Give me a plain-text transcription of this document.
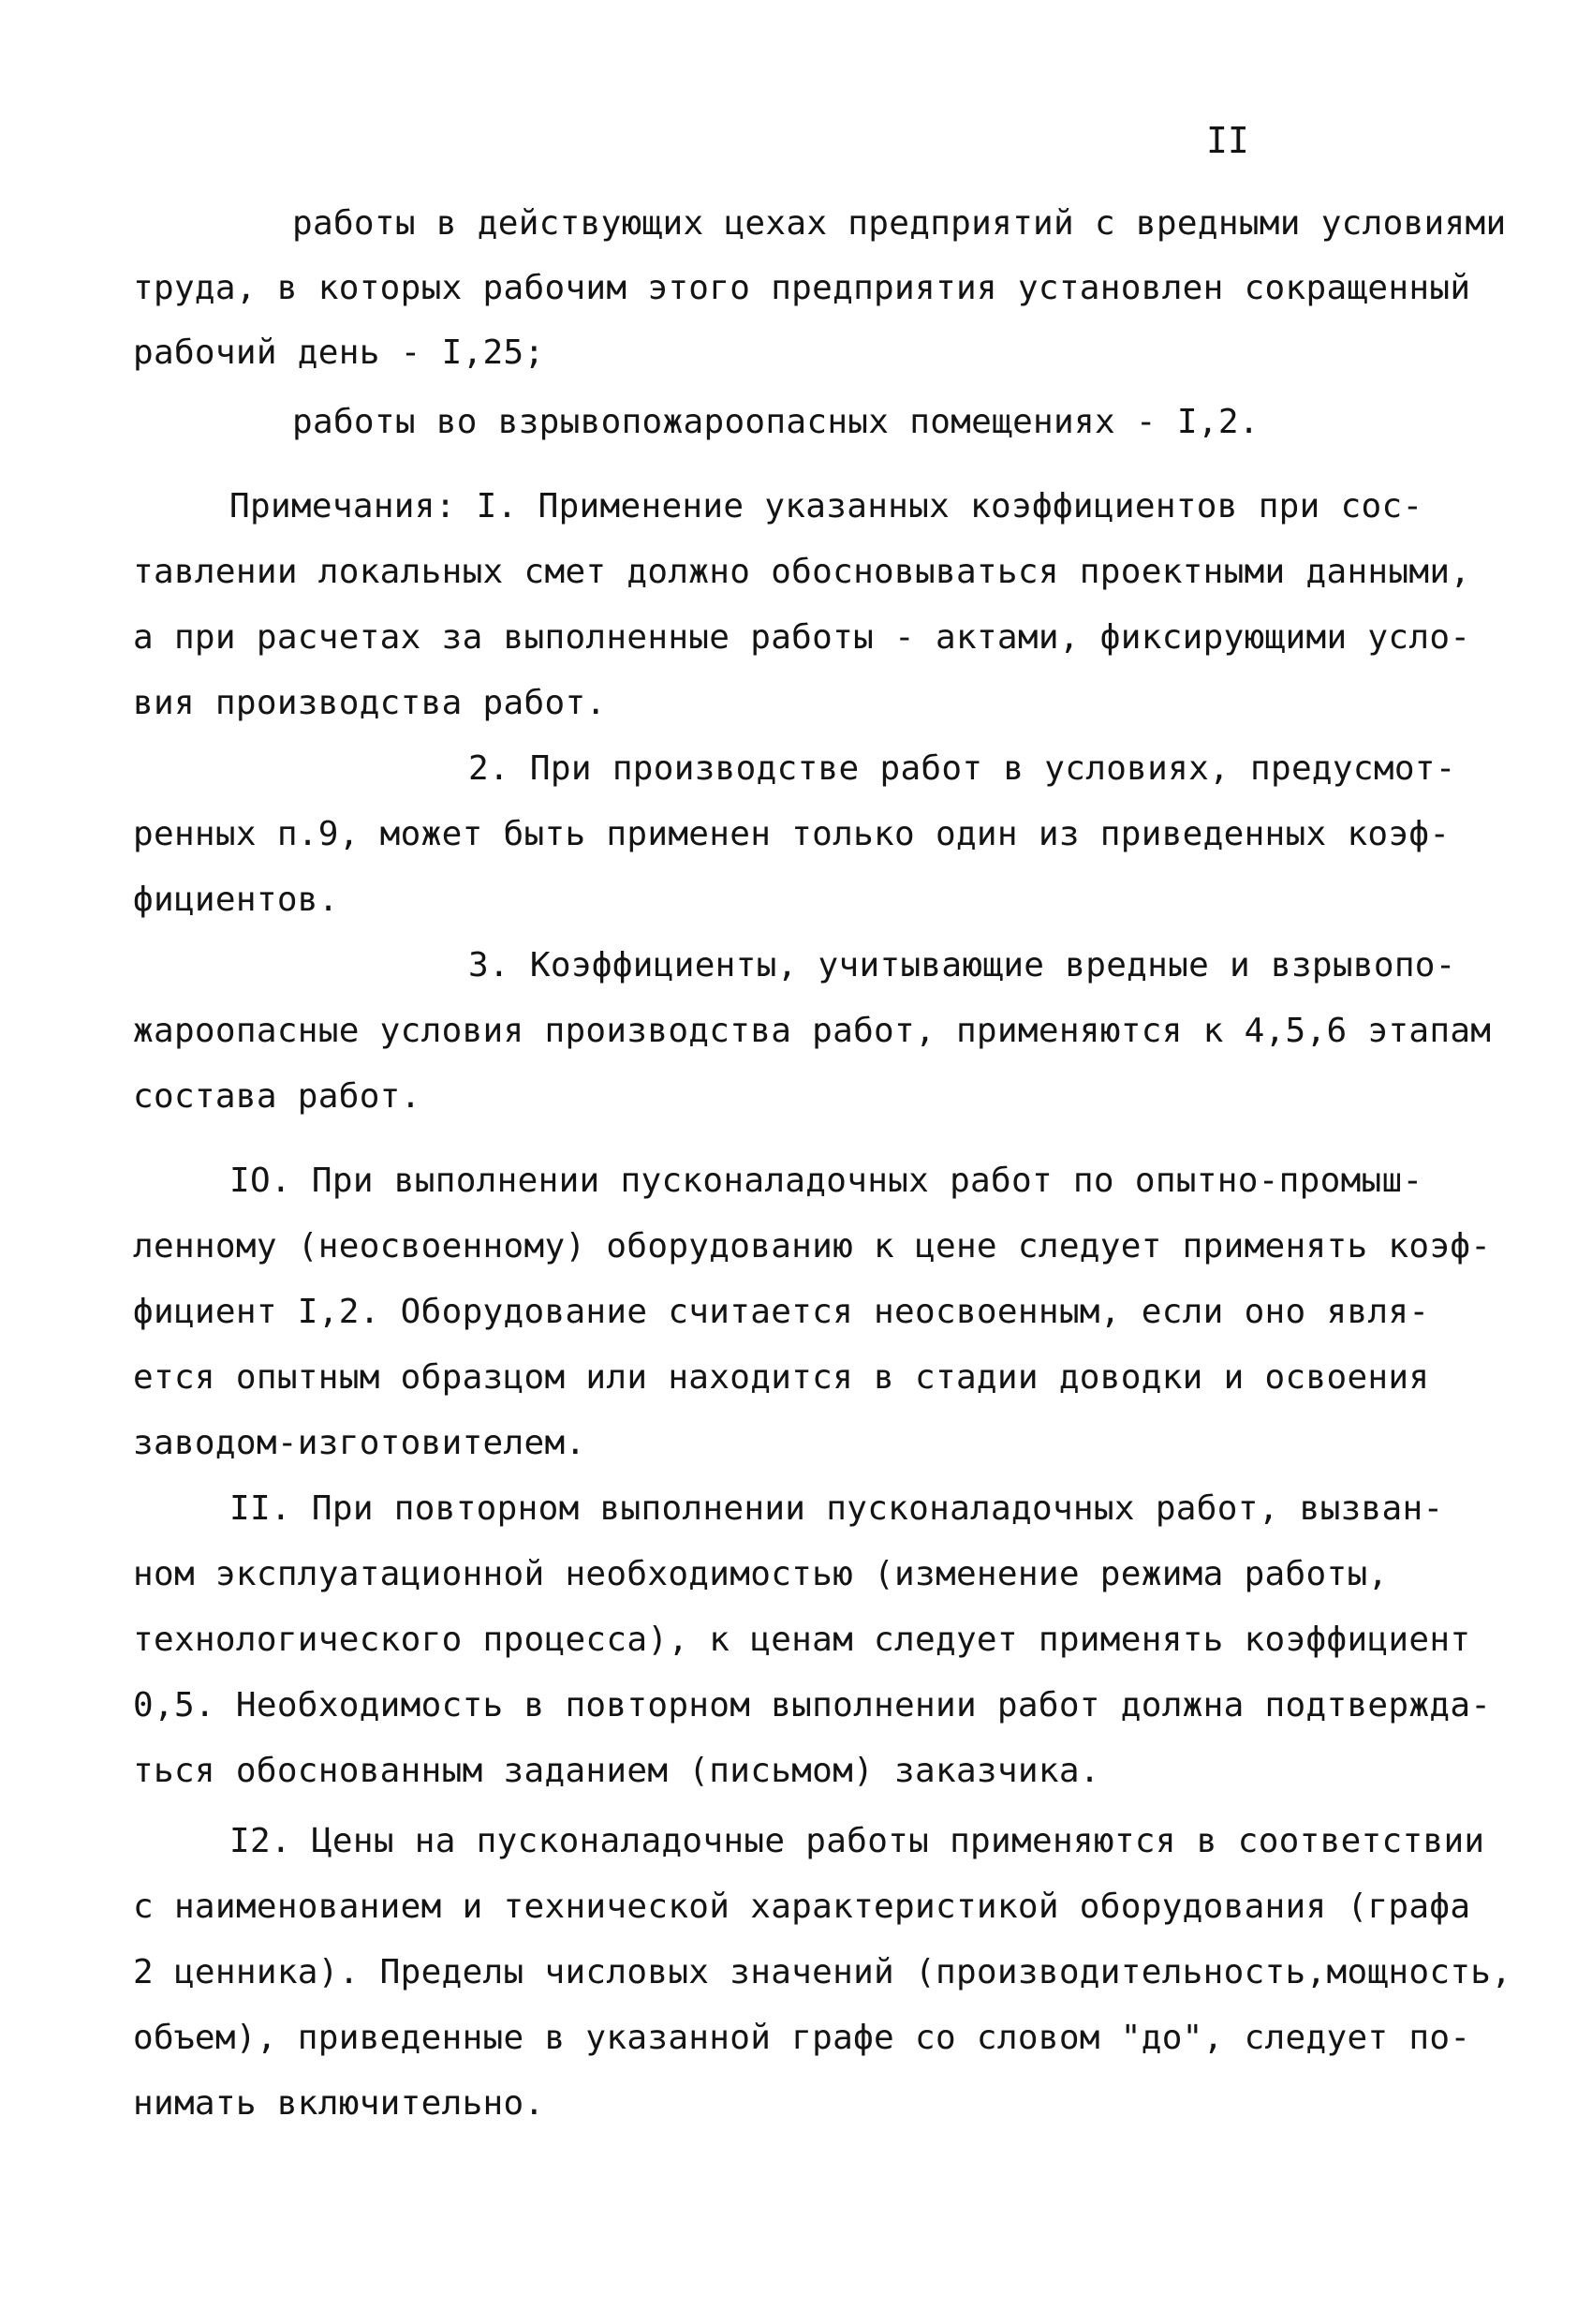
II
работы в действующих цехах предприятий с вредными условиями
труда, в которых рабочим этого предприятия установлен сокращенный
рабочий день - I,25;
работы во взрывопожароопасных помещениях - I,2.
Примечания: I. Применение указанных коэффициентов при сос-
тавлении локальных смет должно обосновываться проектными данными,
а при расчетах за выполненные работы - актами, фиксирующими усло-
вия производства работ.
2. При производстве работ в условиях, предусмот-
ренных п.9, может быть применен только один из приведенных коэф-
фициентов.
3. Коэффициенты, учитывающие вредные и взрывопо-
жароопасные условия производства работ, применяются к 4,5,6 этапам
состава работ.
IO. При выполнении пусконаладочных работ по опытно-промыш-
ленному (неосвоенному) оборудованию к цене следует применять коэф-
фициент I,2. Оборудование считается неосвоенным, если оно явля-
ется опытным образцом или находится в стадии доводки и освоения
заводом-изготовителем.
II. При повторном выполнении пусконаладочных работ, вызван-
ном эксплуатационной необходимостью (изменение режима работы,
технологического процесса), к ценам следует применять коэффициент
0,5. Необходимость в повторном выполнении работ должна подтвержда-
ться обоснованным заданием (письмом) заказчика.
I2. Цены на пусконаладочные работы применяются в соответствии
с наименованием и технической характеристикой оборудования (графа
2 ценника). Пределы числовых значений (производительность,мощность,
объем), приведенные в указанной графе со словом "до", следует по-
нимать включительно.
